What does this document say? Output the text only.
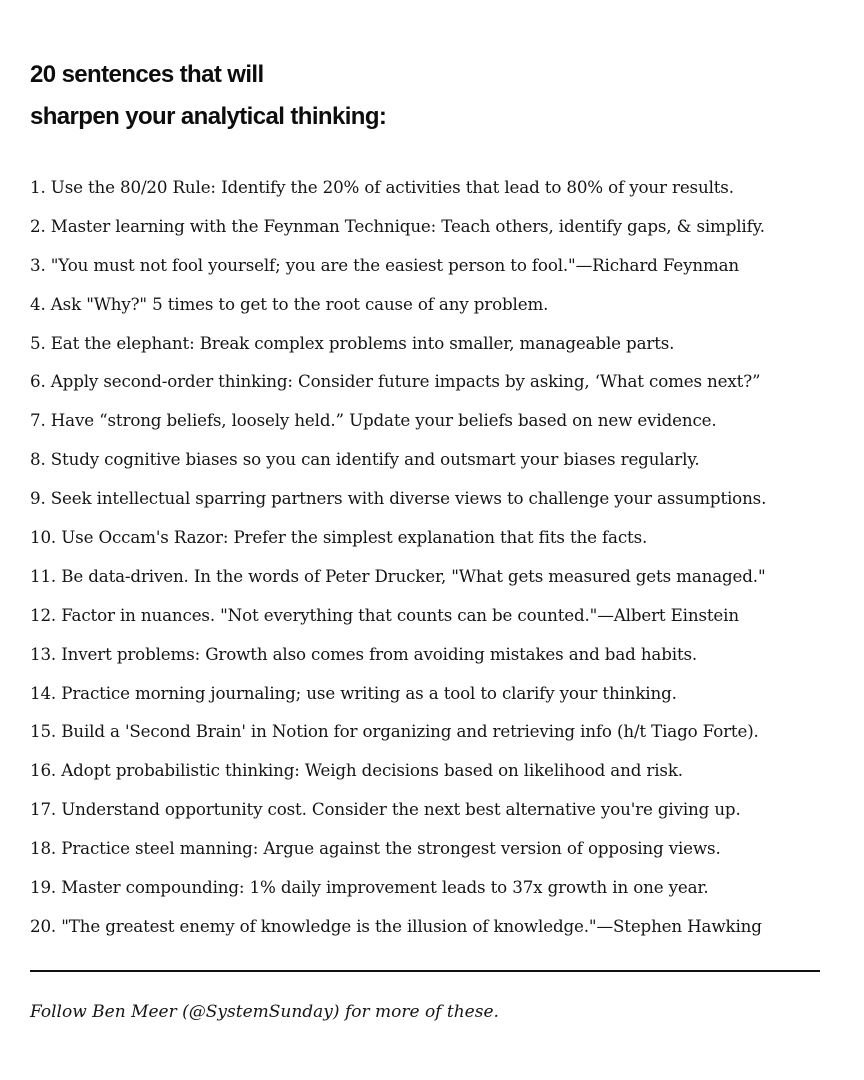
20 sentences that will
sharpen your analytical thinking:
1. Use the 80/20 Rule: Identify the 20% of activities that lead to 80% of your results.
2. Master learning with the Feynman Technique: Teach others, identify gaps, & simplify.
3. "You must not fool yourself; you are the easiest person to fool."—Richard Feynman
4. Ask "Why?" 5 times to get to the root cause of any problem.
5. Eat the elephant: Break complex problems into smaller, manageable parts.
6. Apply second-order thinking: Consider future impacts by asking, ‘What comes next?”
7. Have “strong beliefs, loosely held.” Update your beliefs based on new evidence.
8. Study cognitive biases so you can identify and outsmart your biases regularly.
9. Seek intellectual sparring partners with diverse views to challenge your assumptions.
10. Use Occam's Razor: Prefer the simplest explanation that fits the facts.
11. Be data-driven. In the words of Peter Drucker, "What gets measured gets managed."
12. Factor in nuances. "Not everything that counts can be counted."—Albert Einstein
13. Invert problems: Growth also comes from avoiding mistakes and bad habits.
14. Practice morning journaling; use writing as a tool to clarify your thinking.
15. Build a 'Second Brain' in Notion for organizing and retrieving info (h/t Tiago Forte).
16. Adopt probabilistic thinking: Weigh decisions based on likelihood and risk.
17. Understand opportunity cost. Consider the next best alternative you're giving up.
18. Practice steel manning: Argue against the strongest version of opposing views.
19. Master compounding: 1% daily improvement leads to 37x growth in one year.
20. "The greatest enemy of knowledge is the illusion of knowledge."—Stephen Hawking
Follow Ben Meer (@SystemSunday) for more of these.
